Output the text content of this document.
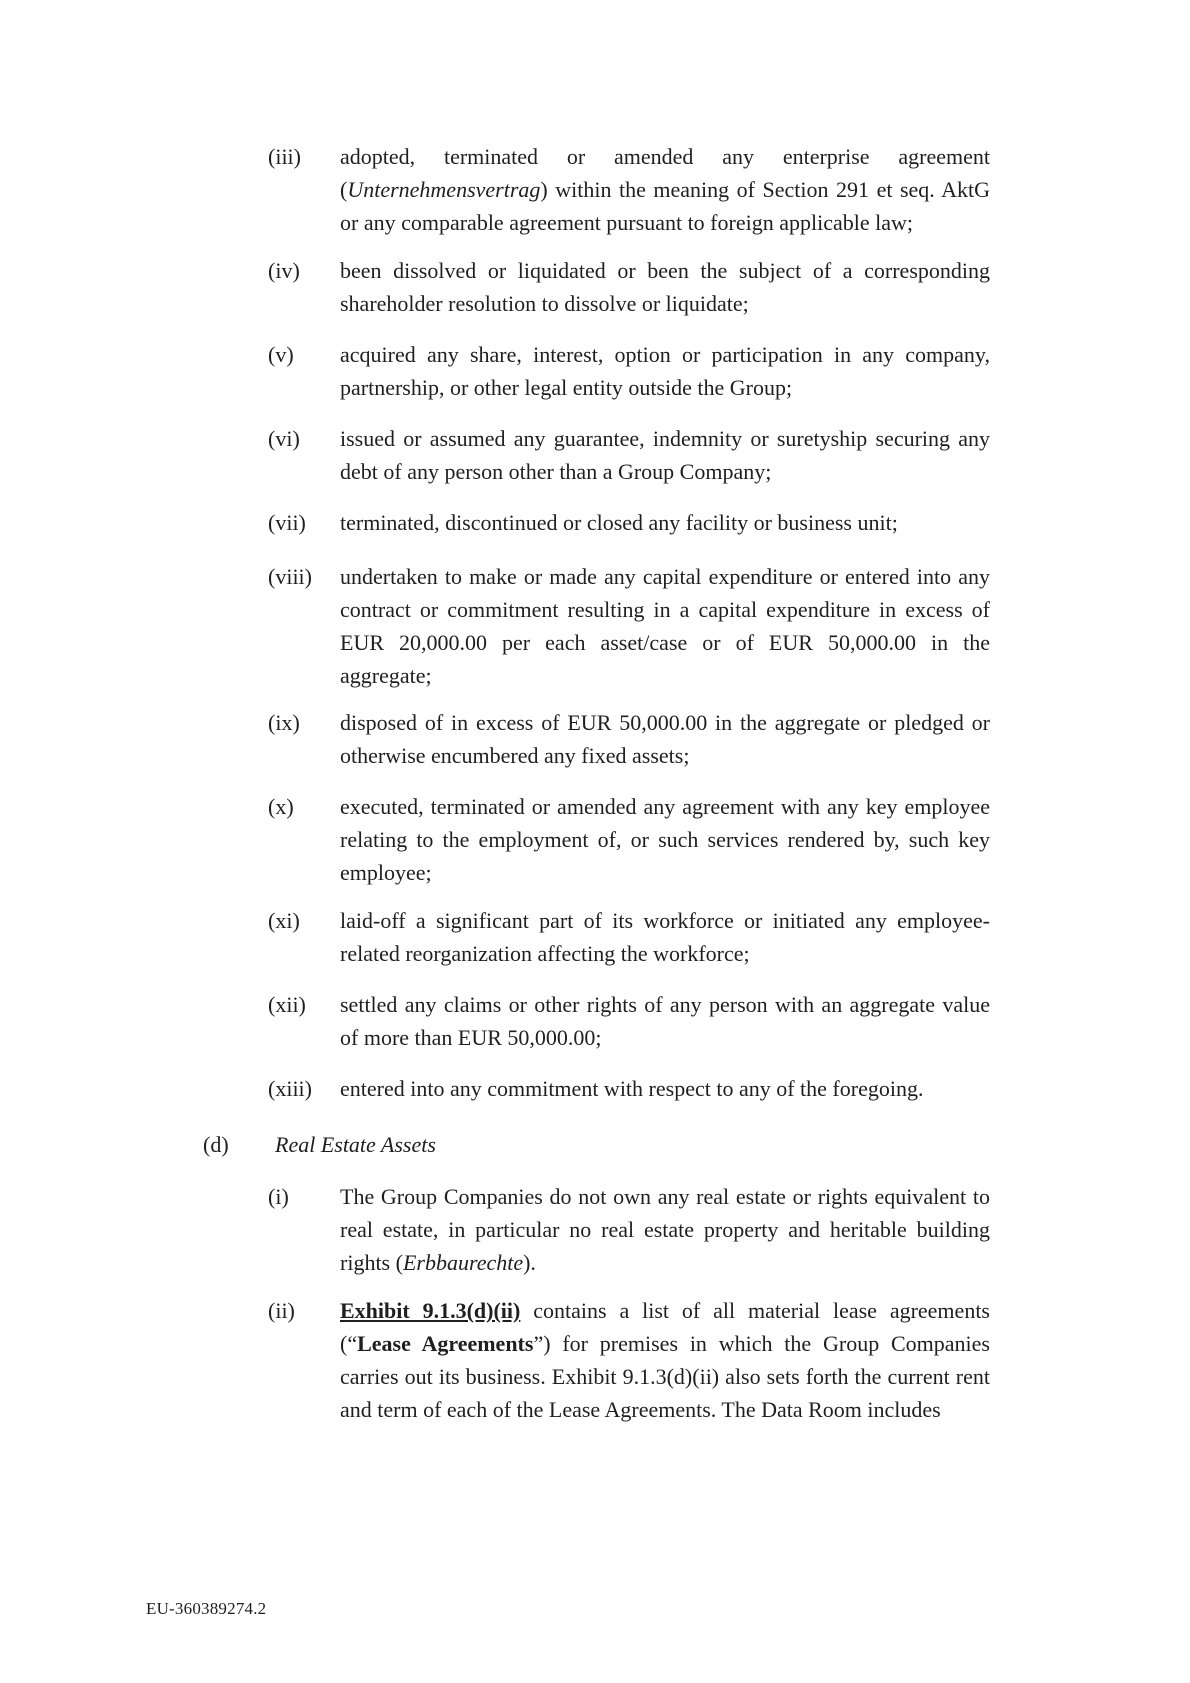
(iii) adopted, terminated or amended any enterprise agreement (Unternehmensvertrag) within the meaning of Section 291 et seq. AktG or any comparable agreement pursuant to foreign applicable law;
(iv) been dissolved or liquidated or been the subject of a corresponding shareholder resolution to dissolve or liquidate;
(v) acquired any share, interest, option or participation in any company, partnership, or other legal entity outside the Group;
(vi) issued or assumed any guarantee, indemnity or suretyship securing any debt of any person other than a Group Company;
(vii) terminated, discontinued or closed any facility or business unit;
(viii) undertaken to make or made any capital expenditure or entered into any contract or commitment resulting in a capital expenditure in excess of EUR 20,000.00 per each asset/case or of EUR 50,000.00 in the aggregate;
(ix) disposed of in excess of EUR 50,000.00 in the aggregate or pledged or otherwise encumbered any fixed assets;
(x) executed, terminated or amended any agreement with any key employee relating to the employment of, or such services rendered by, such key employee;
(xi) laid-off a significant part of its workforce or initiated any employee-related reorganization affecting the workforce;
(xii) settled any claims or other rights of any person with an aggregate value of more than EUR 50,000.00;
(xiii) entered into any commitment with respect to any of the foregoing.
(d) Real Estate Assets
(i) The Group Companies do not own any real estate or rights equivalent to real estate, in particular no real estate property and heritable building rights (Erbbaurechte).
(ii) Exhibit 9.1.3(d)(ii) contains a list of all material lease agreements (“Lease Agreements”) for premises in which the Group Companies carries out its business. Exhibit 9.1.3(d)(ii) also sets forth the current rent and term of each of the Lease Agreements. The Data Room includes
EU-360389274.2
